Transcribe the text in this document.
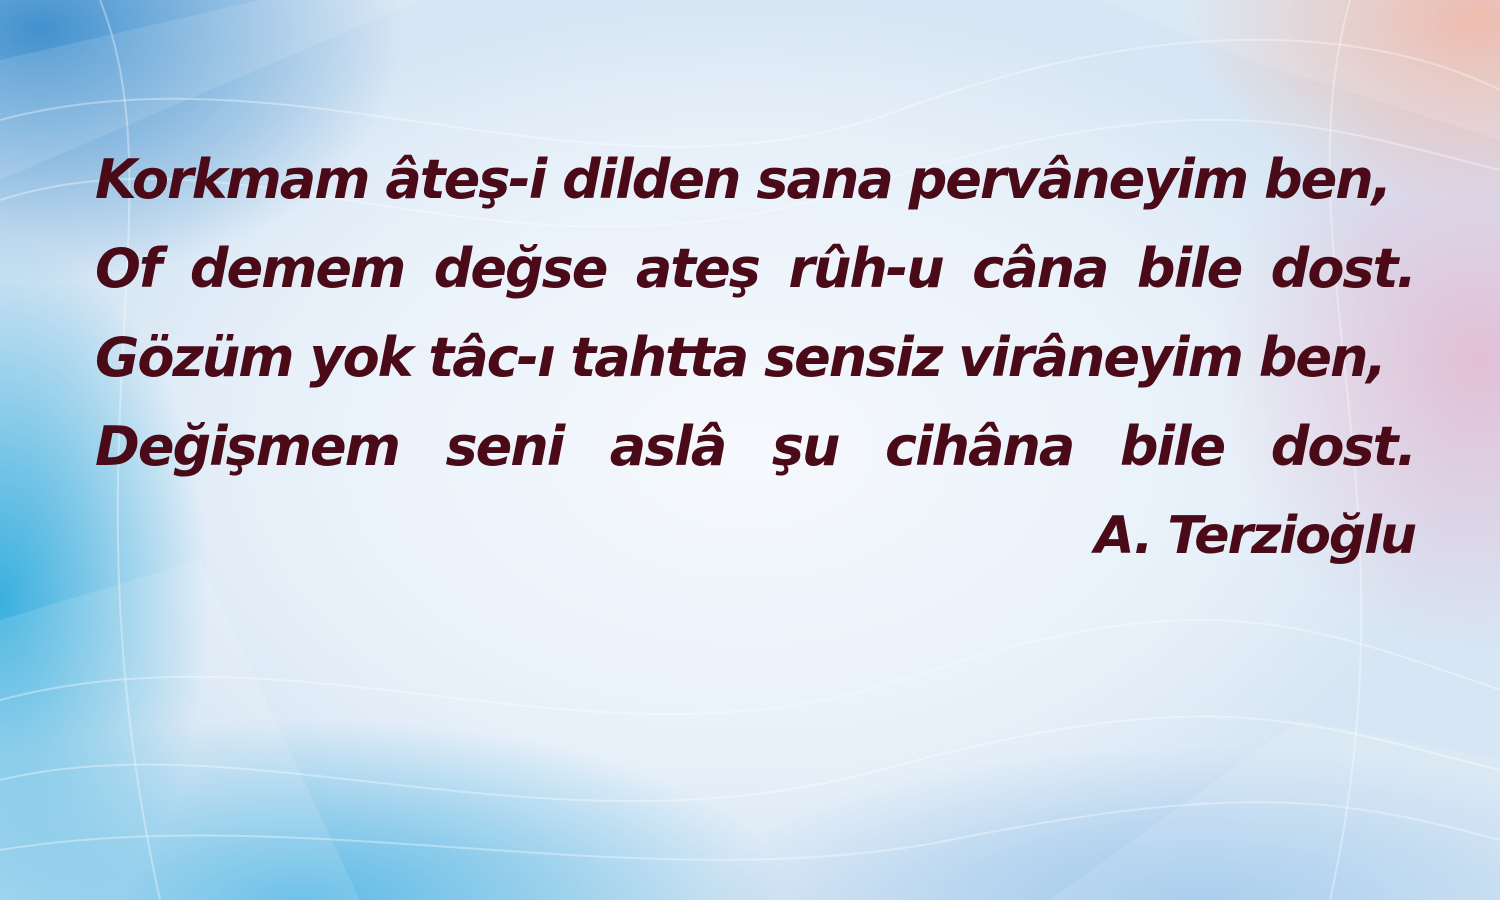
Korkmam âteş-i dilden sana pervâneyim ben,
Of demem değse ateş rûh-u câna bile dost.
Gözüm yok tâc-ı tahtta sensiz virâneyim ben,
Değişmem seni aslâ şu cihâna bile dost.
A. Terzioğlu
